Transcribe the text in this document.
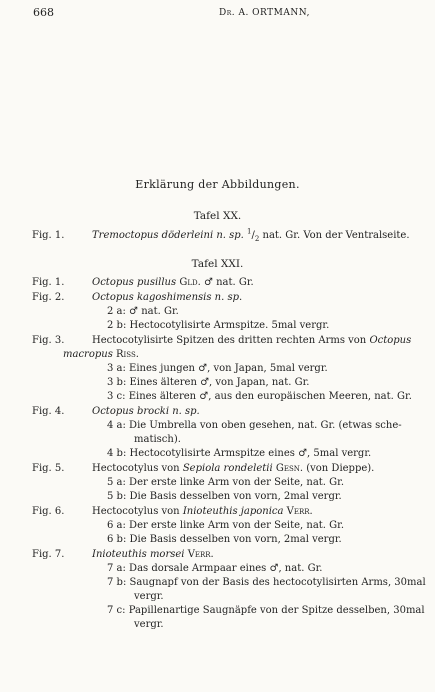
668	Dr. A. ORTMANN,
Erklärung der Abbildungen.
Tafel XX.
Fig. 1.	Tremoctopus döderleini n. sp. $^1/_2$ nat. Gr. Von der Ventralseite.
Tafel XXI.
Fig. 1.	Octopus pusillus Gld. ♂ nat. Gr.
Fig. 2.	Octopus kagoshimensis n. sp.
2 a: ♂ nat. Gr.
2 b: Hectocotylisirte Armspitze. 5mal vergr.
Fig. 3.	Hectocotylisirte Spitzen des dritten rechten Arms von Octopus
macropus Riss.
3 a: Eines jungen ♂, von Japan, 5mal vergr.
3 b: Eines älteren ♂, von Japan, nat. Gr.
3 c: Eines älteren ♂, aus den europäischen Meeren, nat. Gr.
Fig. 4.	Octopus brocki n. sp.
4 a: Die Umbrella von oben gesehen, nat. Gr. (etwas sche-
matisch).
4 b: Hectocotylisirte Armspitze eines ♂, 5mal vergr.
Fig. 5.	Hectocotylus von Sepiola rondeletii Gesn. (von Dieppe).
5 a: Der erste linke Arm von der Seite, nat. Gr.
5 b: Die Basis desselben von vorn, 2mal vergr.
Fig. 6.	Hectocotylus von Inioteuthis japonica Verr.
6 a: Der erste linke Arm von der Seite, nat. Gr.
6 b: Die Basis desselben von vorn, 2mal vergr.
Fig. 7.	Inioteuthis morsei Verr.
7 a: Das dorsale Armpaar eines ♂, nat. Gr.
7 b: Saugnapf von der Basis des hectocotylisirten Arms, 30mal
vergr.
7 c: Papillenartige Saugnäpfe von der Spitze desselben, 30mal
vergr.
